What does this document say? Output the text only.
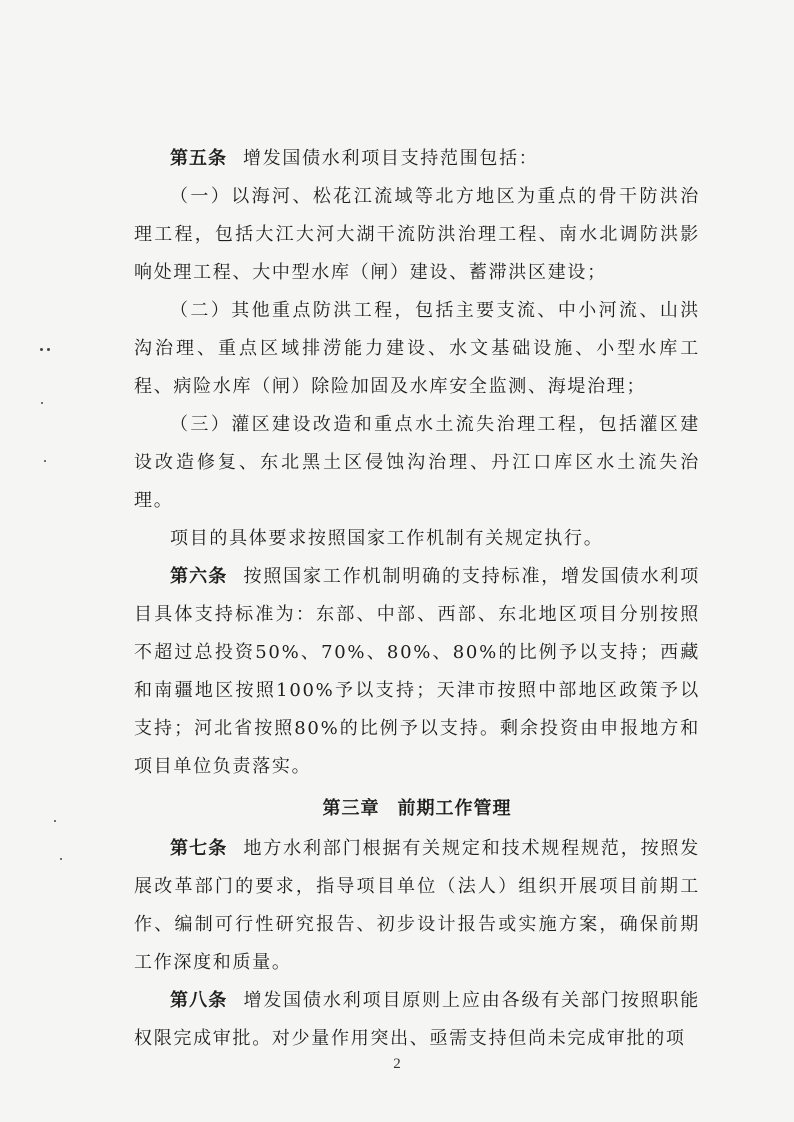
第五条 增发国债水利项目支持范围包括：

（一）以海河、松花江流域等北方地区为重点的骨干防洪治理工程，包括大江大河大湖干流防洪治理工程、南水北调防洪影响处理工程、大中型水库（闸）建设、蓄滞洪区建设；

（二）其他重点防洪工程，包括主要支流、中小河流、山洪沟治理、重点区域排涝能力建设、水文基础设施、小型水库工程、病险水库（闸）除险加固及水库安全监测、海堤治理；

（三）灌区建设改造和重点水土流失治理工程，包括灌区建设改造修复、东北黑土区侵蚀沟治理、丹江口库区水土流失治理。

项目的具体要求按照国家工作机制有关规定执行。

第六条 按照国家工作机制明确的支持标准，增发国债水利项目具体支持标准为：东部、中部、西部、东北地区项目分别按照不超过总投资50%、70%、80%、80%的比例予以支持；西藏和南疆地区按照100%予以支持；天津市按照中部地区政策予以支持；河北省按照80%的比例予以支持。剩余投资由申报地方和项目单位负责落实。

第三章 前期工作管理

第七条 地方水利部门根据有关规定和技术规程规范，按照发展改革部门的要求，指导项目单位（法人）组织开展项目前期工作、编制可行性研究报告、初步设计报告或实施方案，确保前期工作深度和质量。

第八条 增发国债水利项目原则上应由各级有关部门按照职能权限完成审批。对少量作用突出、亟需支持但尚未完成审批的项

2
